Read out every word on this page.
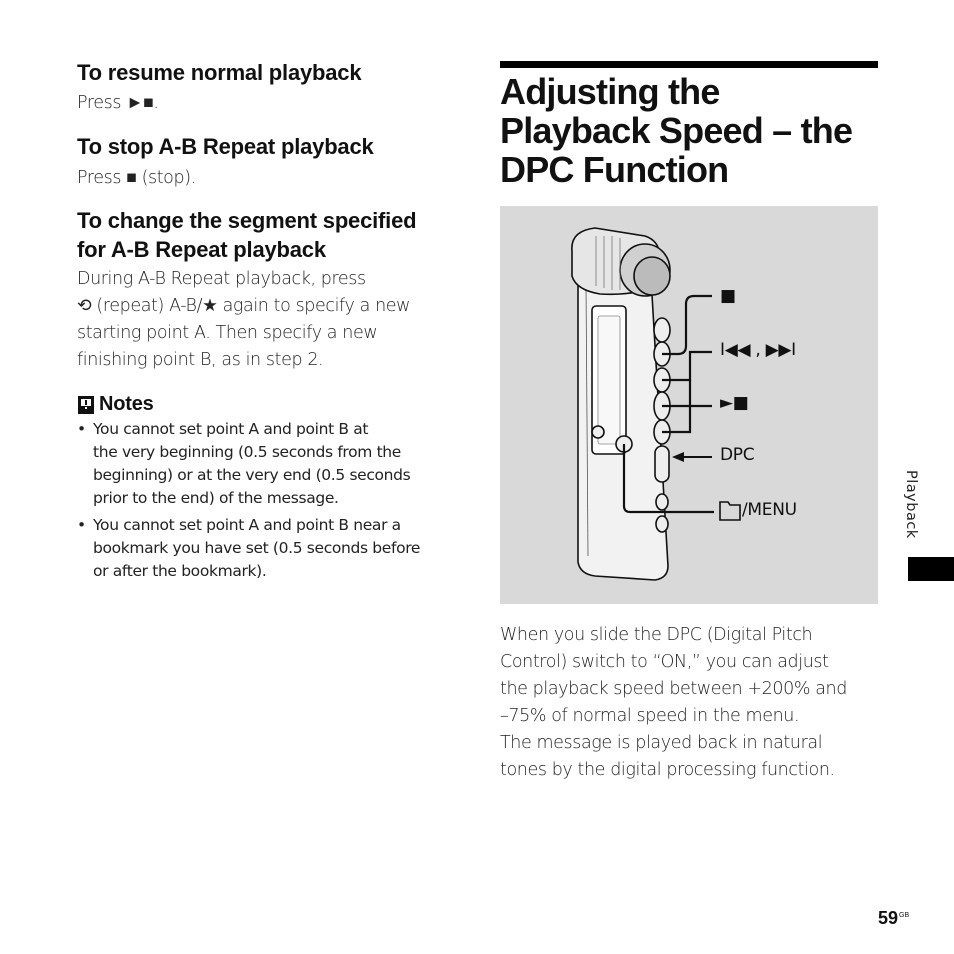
To resume normal playback
Press ►■.
To stop A-B Repeat playback
Press ■ (stop).
To change the segment specified
for A-B Repeat playback
During A-B Repeat playback, press
⟲ (repeat) A-B/★ again to specify a new
starting point A. Then specify a new
finishing point B, as in step 2.
Notes
• You cannot set point A and point B at
the very beginning (0.5 seconds from the
beginning) or at the very end (0.5 seconds
prior to the end) of the message.
• You cannot set point A and point B near a
bookmark you have set (0.5 seconds before
or after the bookmark).
Adjusting the
Playback Speed – the
DPC Function
■
I◀◀ , ▶▶I
►■
DPC
/MENU
When you slide the DPC (Digital Pitch
Control) switch to “ON,” you can adjust
the playback speed between +200% and
–75% of normal speed in the menu.
The message is played back in natural
tones by the digital processing function.
Playback
$59^{GB}$
